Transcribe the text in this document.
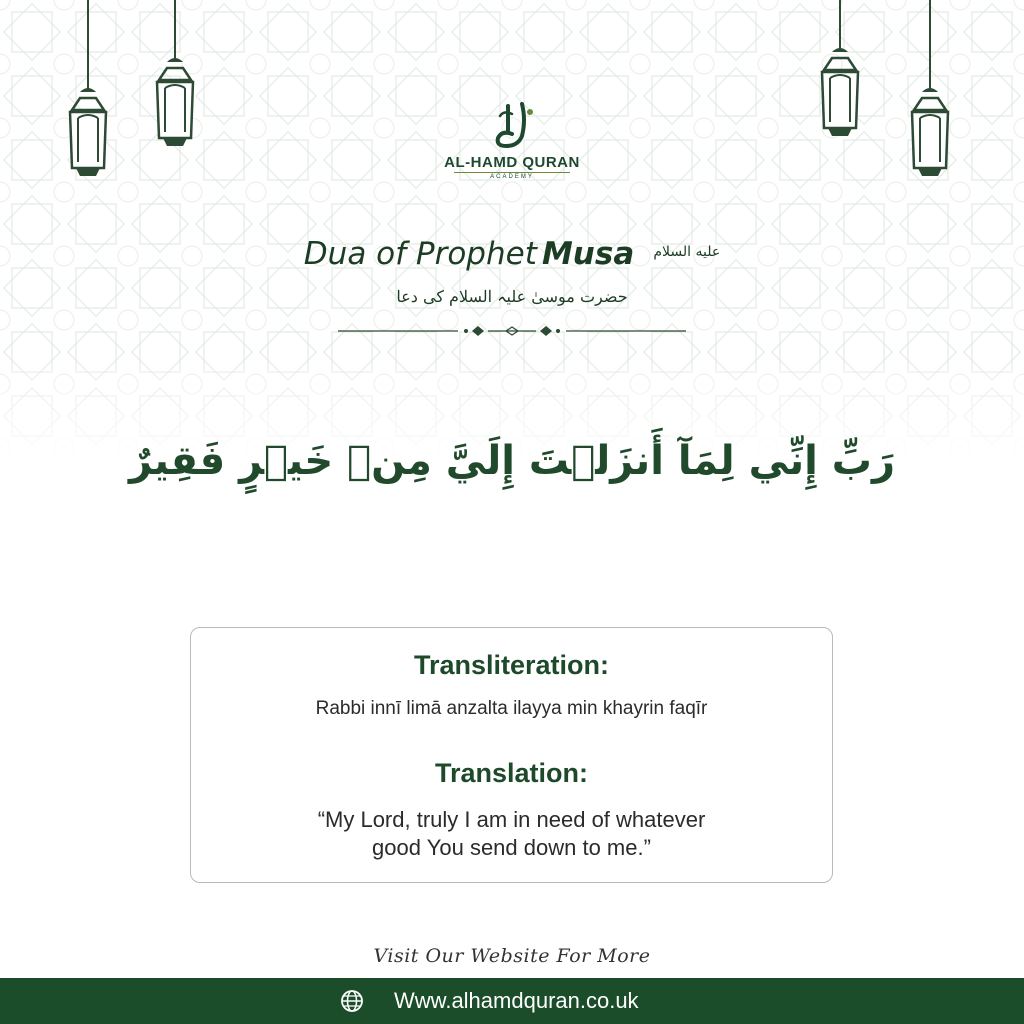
AL-HAMD QURAN
ACADEMY
Dua of Prophet Musa عليه السلام
حضرت موسیٰ علیہ السلام کی دعا
رَبِّ إِنِّي لِمَآ أَنزَلۡتَ إِلَيَّ مِنۡ خَيۡرٍ فَقِيرٌ
Transliteration:
Rabbi innī limā anzalta ilayya min khayrin faqīr
Translation:
“My Lord, truly I am in need of whatever
good You send down to me.”
Visit Our Website For More
Www.alhamdquran.co.uk
